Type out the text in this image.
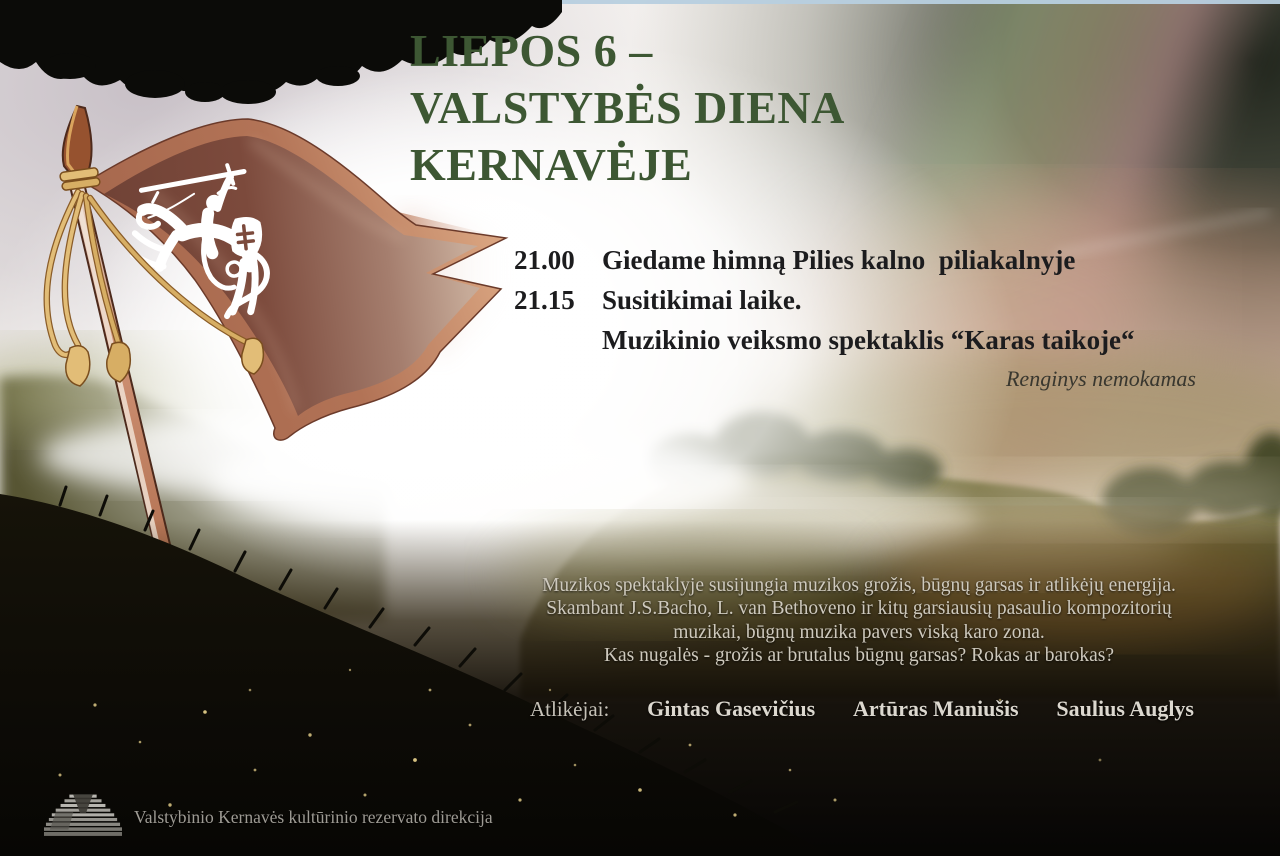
LIEPOS 6 –
VALSTYBĖS DIENA
KERNAVĖJE
21.00	Giedame himną Pilies kalno  piliakalnyje
21.15	Susitikimai laike.
Muzikinio veiksmo spektaklis “Karas taikoje“
Renginys nemokamas
Muzikos spektaklyje susijungia muzikos grožis, būgnų garsas ir atlikėjų energija.
Skambant J.S.Bacho, L. van Bethoveno ir kitų garsiausių pasaulio kompozitorių
muzikai, būgnų muzika pavers viską karo zona.
Kas nugalės - grožis ar brutalus būgnų garsas? Rokas ar barokas?
Atlikėjai: Gintas Gasevičius Artūras Maniušis Saulius Auglys
Valstybinio Kernavės kultūrinio rezervato direkcija
